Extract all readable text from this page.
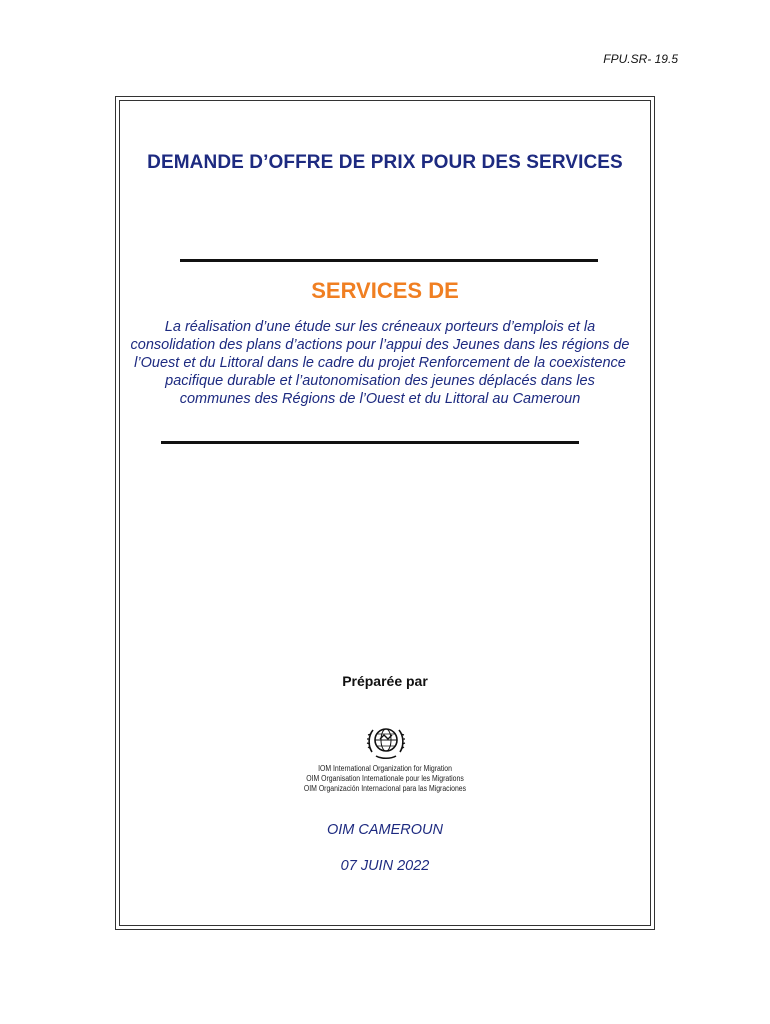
FPU.SR- 19.5
DEMANDE D’OFFRE DE PRIX POUR DES SERVICES
SERVICES DE
La réalisation d’une étude sur les créneaux porteurs d’emplois et la
consolidation des plans d’actions pour l’appui des Jeunes dans les régions de
l’Ouest et du Littoral dans le cadre du projet Renforcement de la coexistence
pacifique durable et l’autonomisation des jeunes déplacés dans les
communes des Régions de l’Ouest et du Littoral au Cameroun
Préparée par
IOM International Organization for Migration
OIM Organisation Internationale pour les Migrations
OIM Organización Internacional para las Migraciones
OIM CAMEROUN
07 JUIN 2022
